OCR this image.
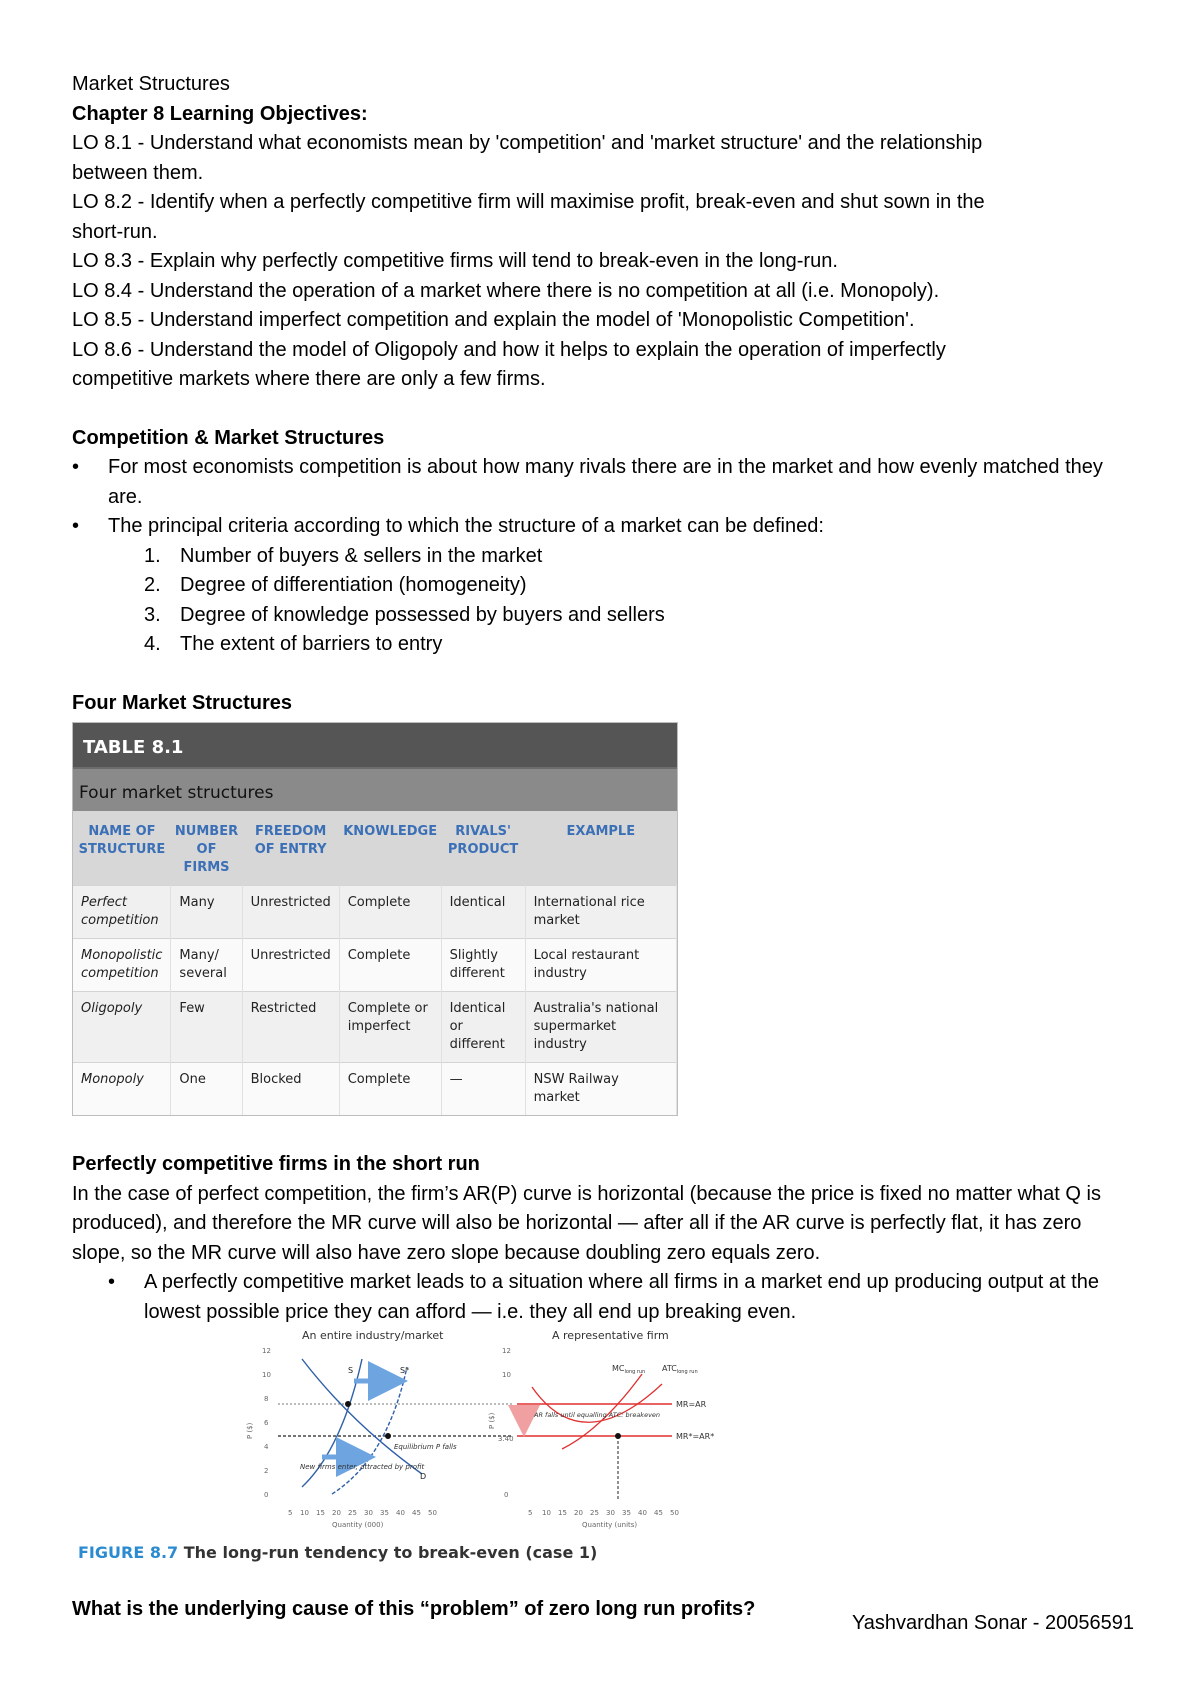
Market Structures
Chapter 8 Learning Objectives:
LO 8.1 - Understand what economists mean by 'competition' and 'market structure' and the relationship
between them.
LO 8.2 - Identify when a perfectly competitive firm will maximise profit, break-even and shut sown in the
short-run.
LO 8.3 - Explain why perfectly competitive firms will tend to break-even in the long-run.
LO 8.4 - Understand the operation of a market where there is no competition at all (i.e. Monopoly).
LO 8.5 - Understand imperfect competition and explain the model of 'Monopolistic Competition'.
LO 8.6 - Understand the model of Oligopoly and how it helps to explain the operation of imperfectly
competitive markets where there are only a few firms.
Competition & Market Structures
• For most economists competition is about how many rivals there are in the market and how evenly matched they are.
• The principal criteria according to which the structure of a market can be defined:
1. Number of buyers & sellers in the market
2. Degree of differentiation (homogeneity)
3. Degree of knowledge possessed by buyers and sellers
4. The extent of barriers to entry
Four Market Structures
TABLE 8.1
Four market structures
NAME OF STRUCTURE	NUMBER OF FIRMS	FREEDOM OF ENTRY	KNOWLEDGE	RIVALS' PRODUCT	EXAMPLE
Perfect competition	Many	Unrestricted	Complete	Identical	International rice market
Monopolistic competition	Many/ several	Unrestricted	Complete	Slightly different	Local restaurant industry
Oligopoly	Few	Restricted	Complete or imperfect	Identical or different	Australia's national supermarket industry
Monopoly	One	Blocked	Complete	—	NSW Railway market
Perfectly competitive firms in the short run
In the case of perfect competition, the firm’s AR(P) curve is horizontal (because the price is fixed no matter what Q is produced), and therefore the MR curve will also be horizontal — after all if the AR curve is perfectly flat, it has zero slope, so the MR curve will also have zero slope because doubling zero equals zero.
• A perfectly competitive market leads to a situation where all firms in a market end up producing output at the lowest possible price they can afford — i.e. they all end up breaking even.
An entire industry/market
12
10
8
6
4
2
0
P ($)
S	S*
D
Equilibrium P falls
New firms enter, attracted by profit
5 10 15 20 25 30 35 40 45 50
Quantity (000)
A representative firm
12
10
3.40
0
P ($)
$MC_{long run}$ $ATC_{long run}$
MR=AR
MR*=AR*
AR falls until equalling ATC: breakeven
5 10 15 20 25 30 35 40 45 50
Quantity (units)
FIGURE 8.7 The long-run tendency to break-even (case 1)
What is the underlying cause of this “problem” of zero long run profits?
Yashvardhan Sonar - 20056591
